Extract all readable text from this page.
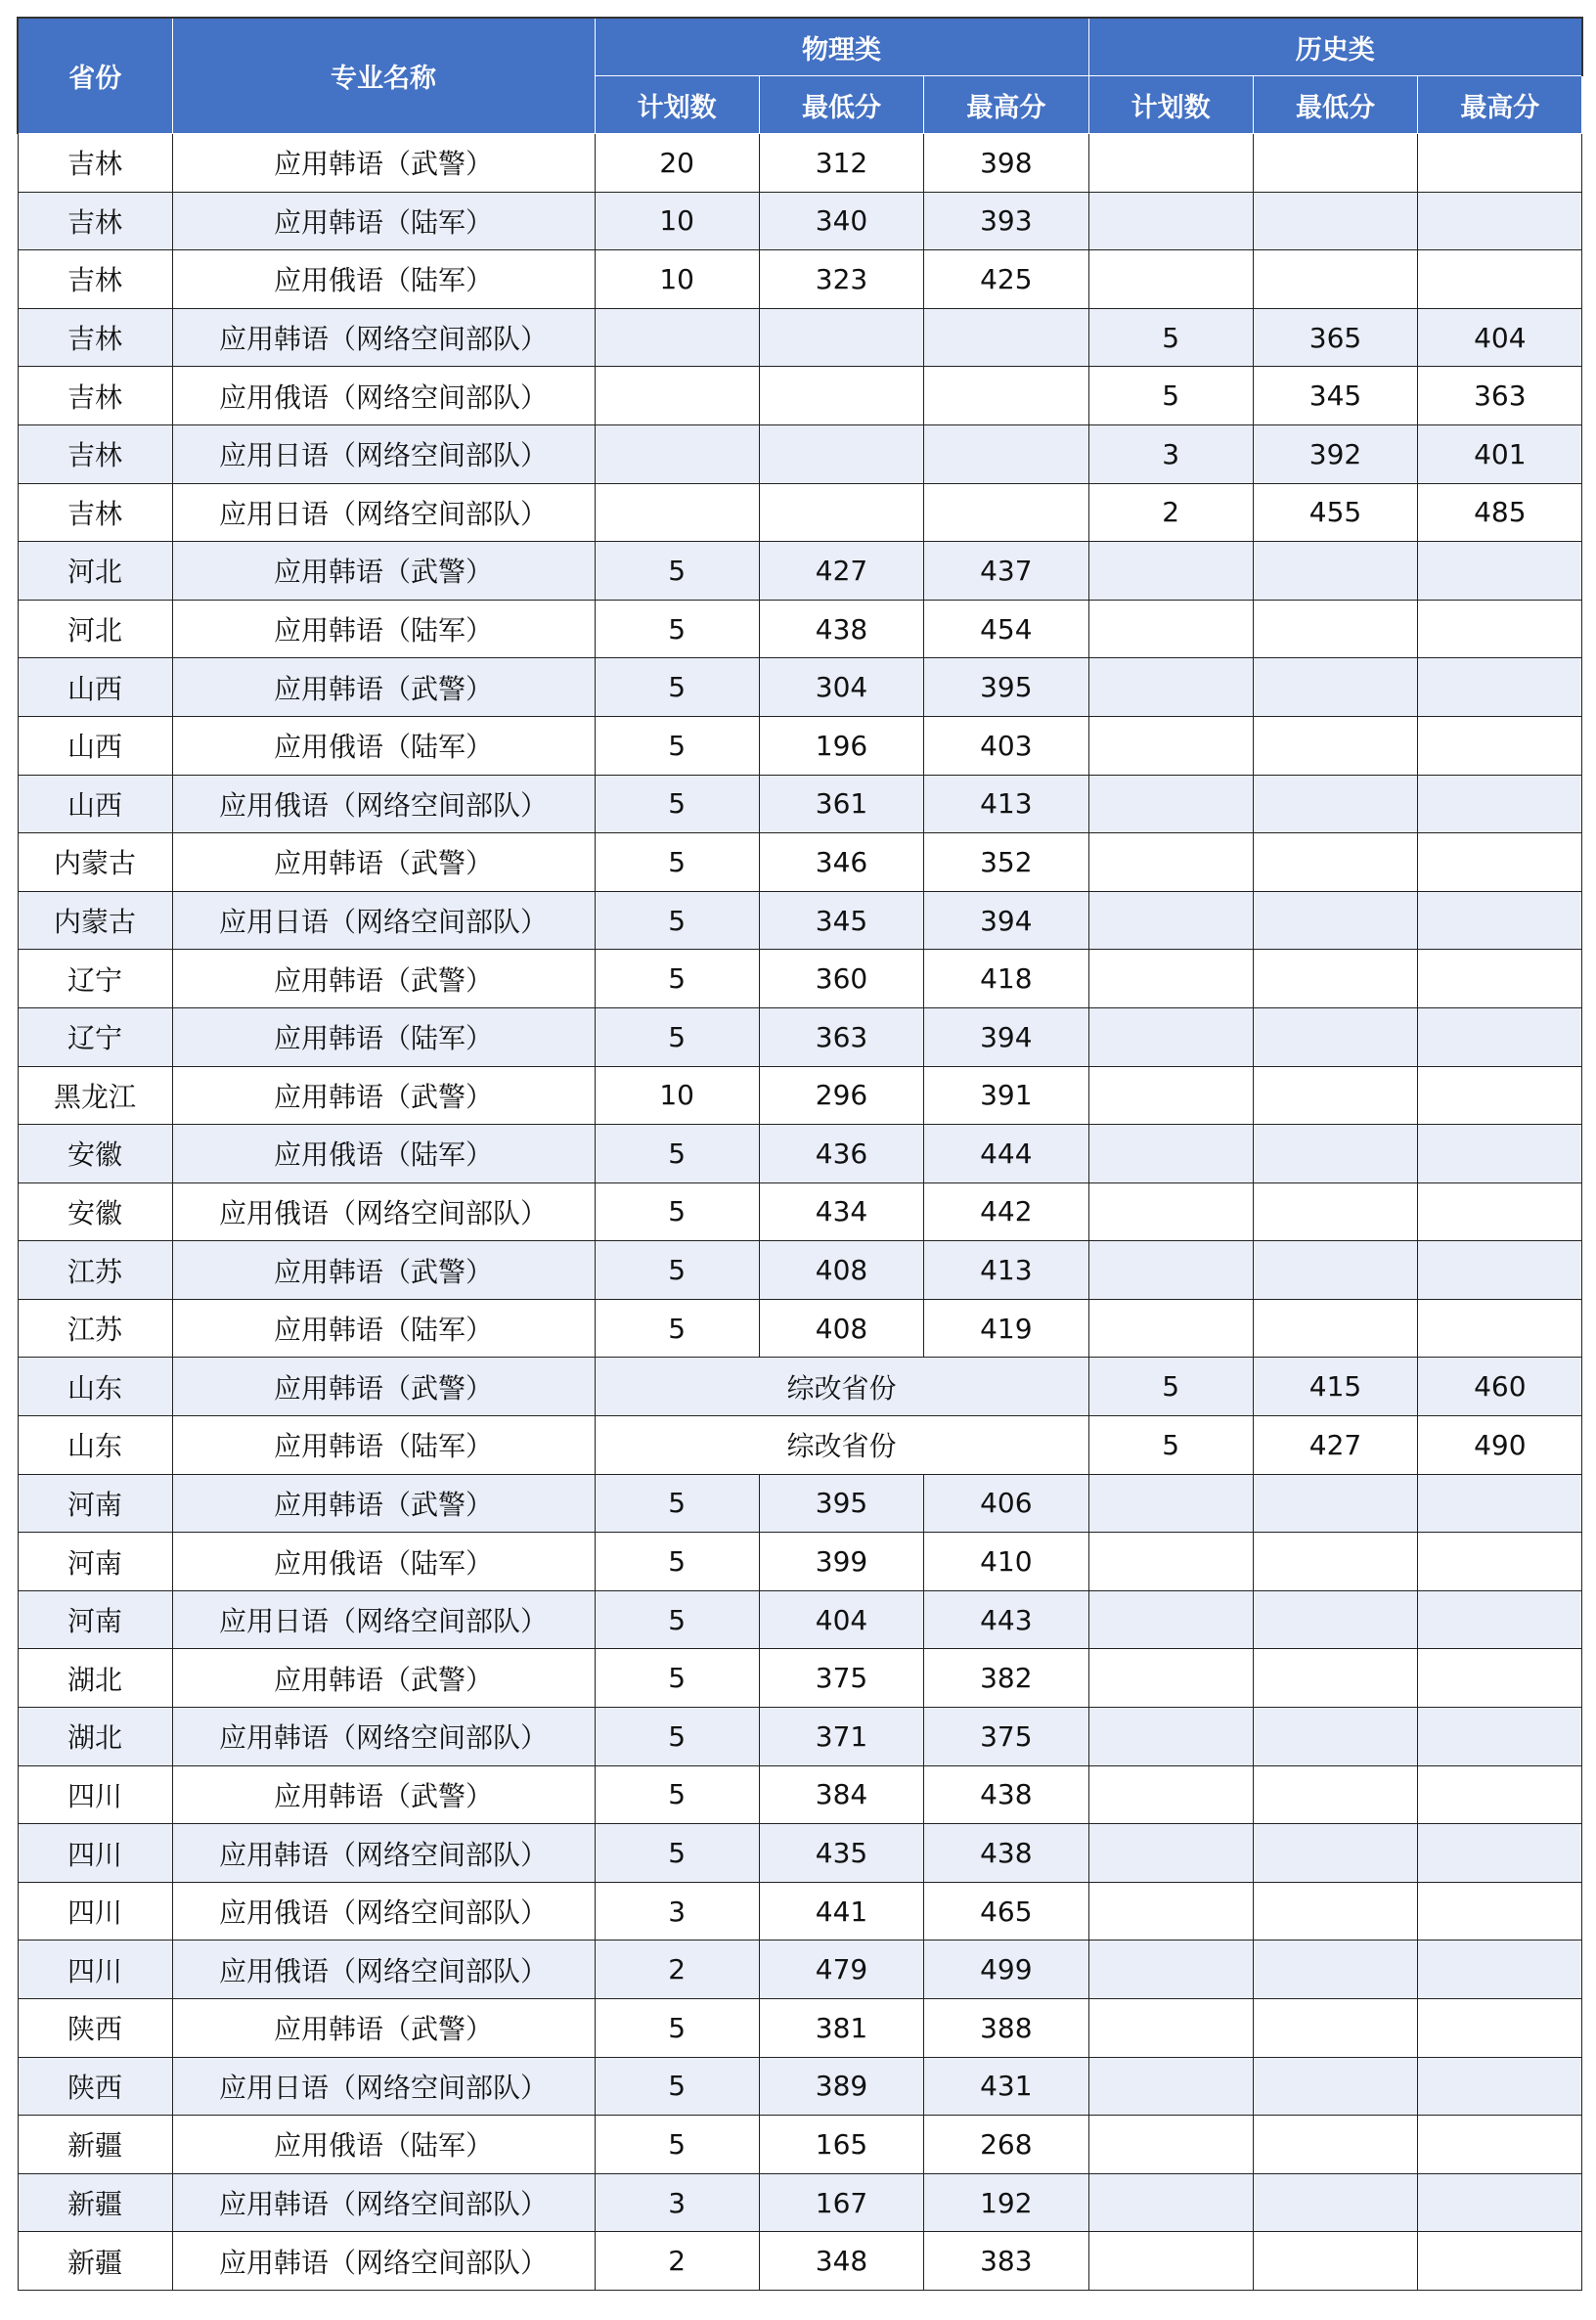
省份	专业名称	物理类			历史类		
		计划数	最低分	最高分	计划数	最低分	最高分
吉林	应用韩语（武警）	20	312	398			
吉林	应用韩语（陆军）	10	340	393			
吉林	应用俄语（陆军）	10	323	425			
吉林	应用韩语（网络空间部队）				5	365	404
吉林	应用俄语（网络空间部队）				5	345	363
吉林	应用日语（网络空间部队）				3	392	401
吉林	应用日语（网络空间部队）				2	455	485
河北	应用韩语（武警）	5	427	437			
河北	应用韩语（陆军）	5	438	454			
山西	应用韩语（武警）	5	304	395			
山西	应用俄语（陆军）	5	196	403			
山西	应用俄语（网络空间部队）	5	361	413			
内蒙古	应用韩语（武警）	5	346	352			
内蒙古	应用日语（网络空间部队）	5	345	394			
辽宁	应用韩语（武警）	5	360	418			
辽宁	应用韩语（陆军）	5	363	394			
黑龙江	应用韩语（武警）	10	296	391			
安徽	应用俄语（陆军）	5	436	444			
安徽	应用俄语（网络空间部队）	5	434	442			
江苏	应用韩语（武警）	5	408	413			
江苏	应用韩语（陆军）	5	408	419			
山东	应用韩语（武警）	综改省份			5	415	460
山东	应用韩语（陆军）	综改省份			5	427	490
河南	应用韩语（武警）	5	395	406			
河南	应用俄语（陆军）	5	399	410			
河南	应用日语（网络空间部队）	5	404	443			
湖北	应用韩语（武警）	5	375	382			
湖北	应用韩语（网络空间部队）	5	371	375			
四川	应用韩语（武警）	5	384	438			
四川	应用韩语（网络空间部队）	5	435	438			
四川	应用俄语（网络空间部队）	3	441	465			
四川	应用俄语（网络空间部队）	2	479	499			
陕西	应用韩语（武警）	5	381	388			
陕西	应用日语（网络空间部队）	5	389	431			
新疆	应用俄语（陆军）	5	165	268			
新疆	应用韩语（网络空间部队）	3	167	192			
新疆	应用韩语（网络空间部队）	2	348	383			
